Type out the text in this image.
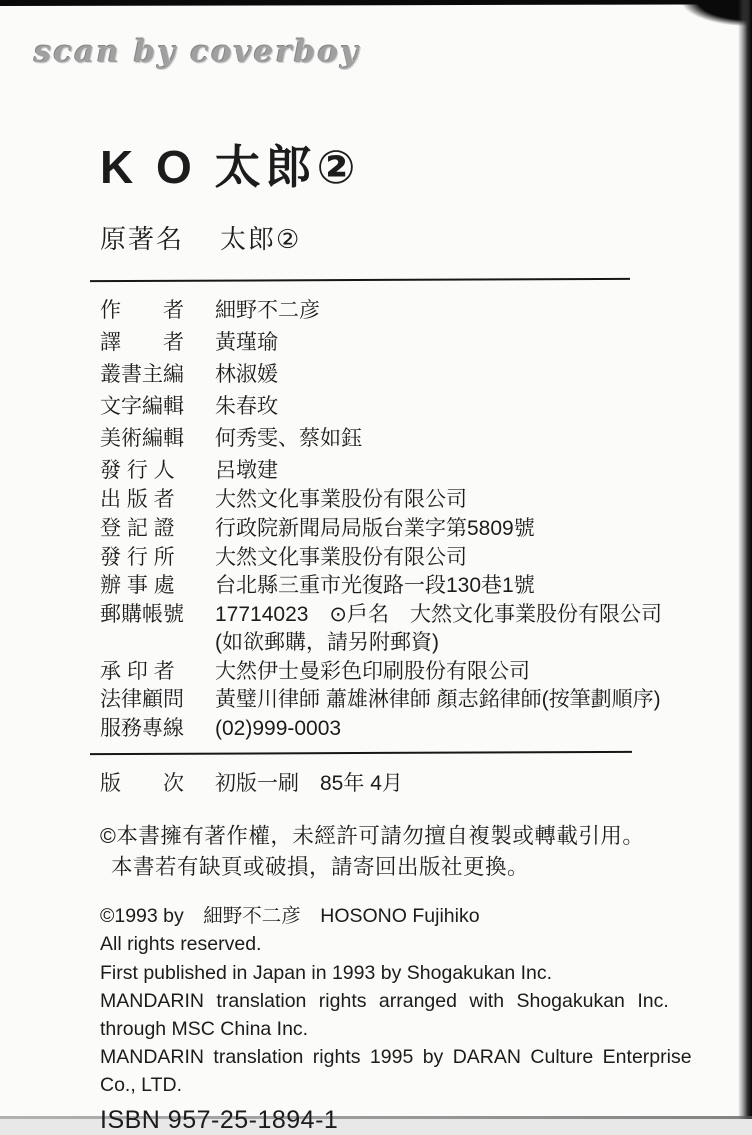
scan by coverboy
K O 太郎②
原著名 太郎②
作　　者	細野不二彦
譯　　者	黃瑾瑜
叢書主編	林淑媛
文字編輯	朱春玫
美術編輯	何秀雯、蔡如鈺
發 行 人	呂墩建
出 版 者	大然文化事業股份有限公司
登 記 證	行政院新聞局局版台業字第5809號
發 行 所	大然文化事業股份有限公司
辦 事 處	台北縣三重市光復路一段130巷1號
郵購帳號	17714023　⊙戶名　大然文化事業股份有限公司
(如欲郵購，請另附郵資)
承 印 者	大然伊士曼彩色印刷股份有限公司
法律顧問	黃璧川律師 蕭雄淋律師 顏志銘律師(按筆劃順序)
服務專線	(02)999-0003
版　　次	初版一刷　85年 4月
©本書擁有著作權，未經許可請勿擅自複製或轉載引用。
本書若有缺頁或破損，請寄回出版社更換。
©1993 by　細野不二彦　HOSONO Fujihiko
All rights reserved.
First published in Japan in 1993 by Shogakukan Inc.
MANDARIN translation rights arranged with Shogakukan Inc.
through MSC China Inc.
MANDARIN translation rights 1995 by DARAN Culture Enterprise
Co., LTD.
ISBN 957-25-1894-1
